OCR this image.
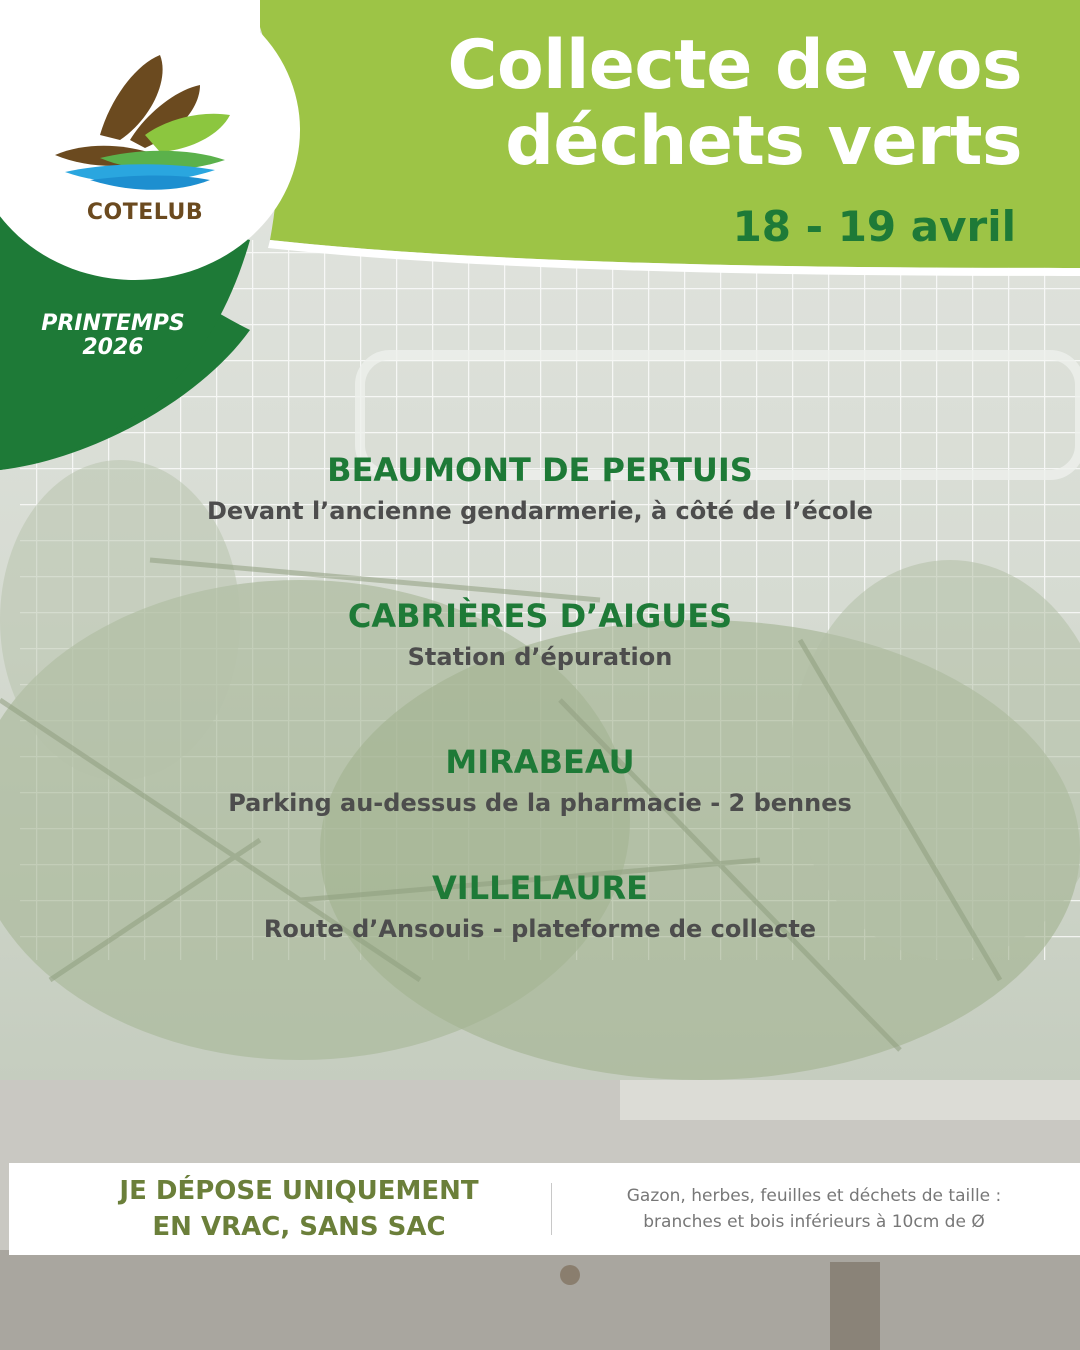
Collecte de vos
déchets verts
18 - 19 avril
COTELUB
PRINTEMPS
2026
BEAUMONT DE PERTUIS
Devant l’ancienne gendarmerie, à côté de l’école
CABRIÈRES D’AIGUES
Station d’épuration
MIRABEAU
Parking au-dessus de la pharmacie - 2 bennes
VILLELAURE
Route d’Ansouis - plateforme de collecte
JE DÉPOSE UNIQUEMENT
EN VRAC, SANS SAC
Gazon, herbes, feuilles et déchets de taille :
branches et bois inférieurs à 10cm de Ø
